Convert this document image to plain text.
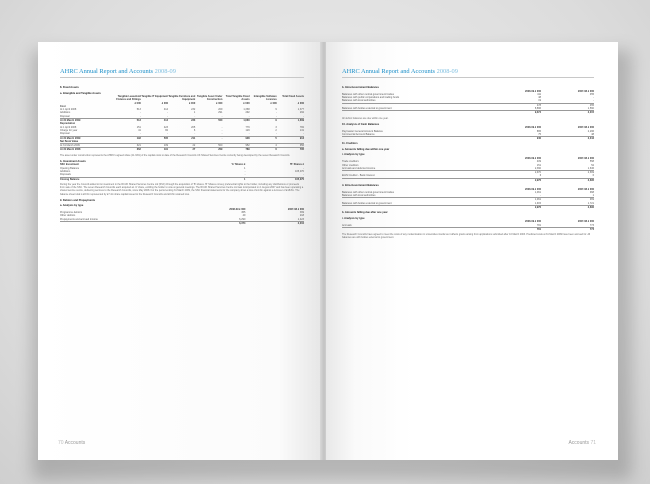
AHRC Annual Report and Accounts 2008-09
8. Fixed Assets
a. Intangible and Tangible Assets
	Tangible Leasehold Fixtures and Fittings	Tangible IT Equipment	Tangible Furniture and Equipment	Tangible Asset Under Construction	Total Tangible Fixed Assets	Intangible Software Licences	Total Fixed Assets
	£ 000	£ 000	£ 000	£ 000	£ 000	£ 000	£ 000
Cost							
At 1 April 2008	513	414	232	209	1,368	9	1,377
Additions	-	-	1	291	292	-	292
Disposal	-	-	-	-	-	-	-
At 31 March 2009	513	414	233	500	1,660	9	1,669
Depreciation							
At 1 April 2008	151	423	205	-	779	3	782
Charge for year	41	82	6	-	129	2	131
Disposal	-	-	-	-	-	-	-
At 31 March 2009	192	505	211	-	908	5	913
Net Book Value							
At 31 March 2009	321	109	22	500	952	4	956
At 31 March 2008	362	191	27	209	789	6	795
The asset under construction represents the AHRC's agreed share (11.34%) of the capital costs to date of the Research Councils UK Shared Services Centre currently being developed by the seven Research Councils.
b. Investment Assets
SSC Investment	'A' Shares £	'B' Shares £
Opening Balance	1	-
Additions	-	105,070
Disposals	-	-
Closing Balance	1	105,070
During the year the Council added to its investment in the RCUK Shared Services Centre Ltd (SSC) through the acquisition of 'B' shares. 'B' Shares convey preferential rights to the holder, including any distributions or proceeds from sale of the SSC. The seven Research Councils each acquired an 'A' share, entitling the holder to vote at general meetings. The RCUK Shared Services Centre Ltd was incorporated on 1 August 2007 and has been operating a shared service centre, delivering services to the Research Councils, since May 2008. For the period ending 31 March 2009, the SSC financial statements for the company show a loss of £1.6m against a turnover of £18.8m. The balance sheet total is £6.6m represented by £7.4m share capital issued to the Research Councils and £0.8m retained loss.
9. Debtors and Prepayments
a. Analysis by type
	2008-09 £ 000	2007-08 £ 000
Programme debtors	455	369
Other debtors	49	218
Prepayments and accrued income	6,290	1,423
	6,374	2,010
70 Accounts
AHRC Annual Report and Accounts 2008-09
b. Intra-Government Balances
	2008-09 £ 000	2007-08 £ 000
Balances with other central government bodies	411	455
Balances with public corporations and trading funds	48	-
Balances with local authorities	19	-
	478	455
Balances with bodies external to government	8,896	1,560
	9,374	2,015
All debtor balances are due within one year.
10. Analysis of Cash Balances
	2008-09 £ 000	2007-08 £ 000
Paymaster General Account Balance	865	2,296
Commercial Account Balance	75	48
	940	2,344
11. Creditors
a. Amounts falling due within one year
i. Analysis by type
	2008-09 £ 000	2007-08 £ 000
Trade creditors	409	558
Other creditors	151	52
Accruals and deferred income	2,360	1,636
	2,970	2,669
EGIS Creditor - Bank Interest	6	6
	2,976	2,695
ii. Intra-Government Balances
	2008-09 £ 000	2007-08 £ 000
Balances with other central government bodies	1,061	968
Balances with local authorities	-	1
	1,061	969
Balances with bodies external to government	1,915	1,721
	2,976	2,690
b. Amounts falling due after one year
i. Analysis by type
	2008-09 £ 000	2007-08 £ 000
Accruals	781	773
	781	773
The Research Councils have agreed to meet the costs of any modernisation in universities insofar as it affects grants arising from applications submitted after 10 March 2003. Predicted costs at 31 March 2009 have been accrued for. All balances are with bodies external to government.
Accounts 71
